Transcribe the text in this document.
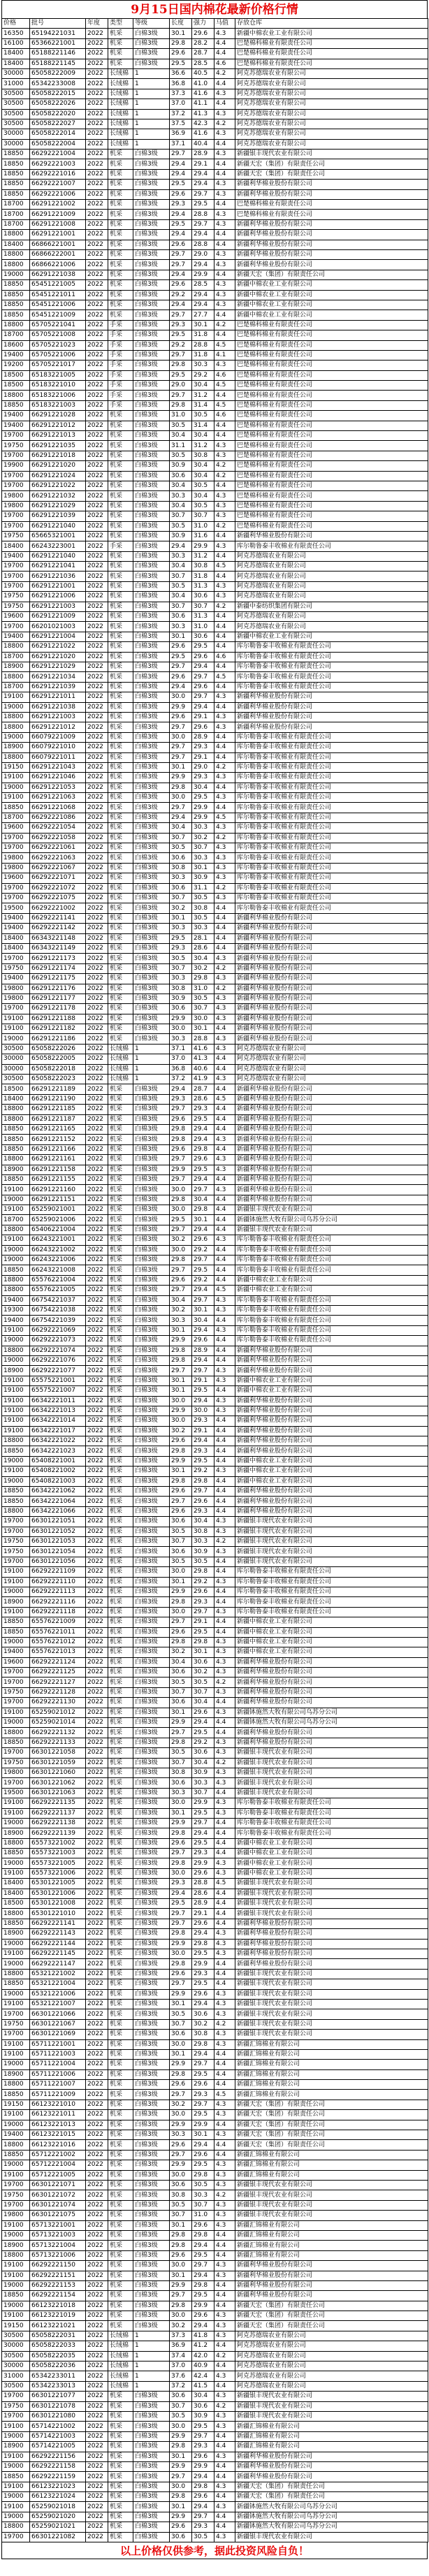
9月15日国内棉花最新价格行情
价格	批号	年度	类型	等级	长度	强力	马值	存放仓库
16350	65194221031	2022	机采	白棉3级	30.1	29.6	4.3	新疆中棉农业工业有限公司
16100	65366221001	2022	机采	白棉3级	29.8	28.2	4.4	巴楚棉科棉业有限责任公司
18400	65188221146	2022	机采	白棉3级	29.6	28.7	4.4	巴楚棉科棉业有限责任公司
18400	65188221145	2022	机采	白棉3级	29.5	28.5	4.6	巴楚棉科棉业有限责任公司
30000	65058222009	2022	长绒棉	1	36.6	40.5	4.2	阿克苏德瑞农业有限公司
31000	65342233008	2022	长绒棉	1	36.8	41.0	4.4	阿克苏德瑞农业有限公司
30500	65058222015	2022	长绒棉	1	37.3	41.6	4.3	阿克苏德瑞农业有限公司
30500	65058222026	2022	长绒棉	1	37.0	41.1	4.4	阿克苏德瑞农业有限公司
30500	65058222020	2022	长绒棉	1	37.2	41.3	4.3	阿克苏德瑞农业有限公司
30500	65058222027	2022	长绒棉	1	37.5	42.3	4.2	阿克苏德瑞农业有限公司
30000	65058222014	2022	长绒棉	1	36.9	41.6	4.3	阿克苏德瑞农业有限公司
30000	65058222004	2022	长绒棉	1	37.1	40.4	4.4	阿克苏德瑞农业有限公司
18850	66292221004	2022	机采	白棉3级	29.7	28.9	4.3	新疆银丰现代农业有限公司
18850	66292221003	2022	机采	白棉3级	29.4	29.1	4.4	新疆天宏（集团）有限责任公司
18850	66292221016	2022	机采	白棉3级	29.4	29.4	4.4	新疆天宏（集团）有限责任公司
18850	66292221007	2022	机采	白棉3级	29.5	29.4	4.3	新疆利华棉业股份有限公司
18850	66292221006	2022	机采	白棉3级	29.6	29.7	4.3	新疆利华棉业股份有限公司
18700	66291221002	2022	机采	白棉3级	29.3	29.5	4.4	巴楚棉科棉业有限责任公司
18700	66291221009	2022	机采	白棉3级	29.4	28.8	4.3	巴楚棉科棉业有限责任公司
18700	66291221008	2022	机采	白棉3级	29.5	29.7	4.3	新疆利华棉业股份有限公司
18800	66291221001	2022	机采	白棉3级	29.4	29.4	4.4	新疆利华棉业股份有限公司
18400	66866221001	2022	机采	白棉3级	29.6	28.8	4.4	新疆利华棉业股份有限公司
18800	66866222001	2022	机采	白棉3级	29.7	29.0	4.3	新疆利华棉业股份有限公司
18800	66866221006	2022	机采	白棉3级	29.7	29.4	4.3	新疆利华棉业股份有限公司
19000	66291221038	2022	机采	白棉3级	29.4	29.9	4.4	新疆天宏（集团）有限责任公司
18850	65451221005	2022	机采	白棉3级	29.6	28.5	4.3	新疆中棉农业工业有限公司
18850	65451221011	2022	机采	白棉3级	29.2	29.4	4.3	新疆中棉农业工业有限公司
18850	65451221006	2022	机采	白棉3级	29.4	29.4	4.3	新疆中棉农业工业有限公司
18850	65451221009	2022	机采	白棉3级	29.7	27.7	4.4	新疆中棉农业工业有限公司
18800	65705221041	2022	手采	白棉3级	29.3	30.1	4.2	巴楚棉科棉业有限责任公司
18700	65705221008	2022	手采	白棉3级	29.5	31.8	4.4	巴楚棉科棉业有限责任公司
18600	65705221023	2022	手采	白棉3级	29.2	28.8	4.5	巴楚棉科棉业有限责任公司
19400	65705221006	2022	手采	白棉3级	29.7	31.8	4.1	巴楚棉科棉业有限责任公司
19200	65705221017	2022	手采	白棉3级	29.8	30.3	4.3	巴楚棉科棉业有限责任公司
18500	65183221005	2022	手采	白棉3级	29.5	29.2	4.6	巴楚棉科棉业有限责任公司
18500	65183221010	2022	手采	白棉3级	29.0	30.4	4.5	巴楚棉科棉业有限责任公司
18800	65183221006	2022	手采	白棉3级	29.7	31.2	4.4	巴楚棉科棉业有限责任公司
18850	65183221003	2022	手采	白棉3级	29.8	31.4	4.5	巴楚棉科棉业有限责任公司
19400	66291221028	2022	机采	白棉3级	31.0	30.5	4.6	巴楚棉科棉业有限责任公司
19400	66291221012	2022	机采	白棉3级	30.5	31.4	4.4	巴楚棉科棉业有限责任公司
19700	66291221013	2022	机采	白棉3级	30.4	30.4	4.4	巴楚棉科棉业有限责任公司
19750	66291221035	2022	机采	白棉3级	31.1	31.2	4.3	巴楚棉科棉业有限责任公司
19700	66291221018	2022	机采	白棉3级	30.5	30.8	4.3	巴楚棉科棉业有限责任公司
19900	66291221020	2022	机采	白棉3级	30.9	30.4	4.2	巴楚棉科棉业有限责任公司
19700	66291221024	2022	机采	白棉3级	30.6	30.4	4.2	巴楚棉科棉业有限责任公司
19700	66291221022	2022	机采	白棉3级	30.4	30.5	4.4	巴楚棉科棉业有限责任公司
19800	66291221032	2022	机采	白棉3级	30.3	30.4	4.3	巴楚棉科棉业有限责任公司
19800	66291221029	2022	机采	白棉3级	30.4	30.5	4.3	巴楚棉科棉业有限责任公司
19700	66291221039	2022	机采	白棉3级	30.7	30.7	4.3	巴楚棉科棉业有限责任公司
19700	66291221040	2022	机采	白棉3级	30.5	31.0	4.2	巴楚棉科棉业有限责任公司
19750	65665321001	2022	机采	白棉3级	30.9	31.6	4.4	新疆利华棉业股份有限公司
18400	66243223001	2022	手采	白棉3级	29.4	29.9	4.3	库尔勒鲁泰丰收棉业有限责任公司
19400	66291221040	2022	机采	白棉3级	30.3	31.2	4.4	阿克苏德瑞农业有限公司
19700	66291221041	2022	机采	白棉3级	30.4	30.8	4.5	阿克苏德瑞农业有限公司
19700	66291221036	2022	机采	白棉3级	30.7	31.8	4.4	阿克苏德瑞农业有限公司
19700	66291221001	2022	机采	白棉3级	30.5	31.3	4.3	阿克苏德瑞农业有限公司
19750	66291221006	2022	机采	白棉3级	30.4	30.6	4.3	阿克苏德瑞农业有限公司
19750	66291221003	2022	机采	白棉3级	30.7	30.7	4.2	新疆中泰纺织集团有限公司
19600	66291221009	2022	机采	白棉3级	30.6	31.3	4.4	阿克苏德瑞农业有限公司
19700	66201021003	2022	机采	白棉3级	30.3	31.0	4.4	阿克苏德瑞农业有限公司
19400	66291221004	2022	机采	白棉3级	30.1	30.6	4.4	新疆中棉农业工业有限公司
18800	66291221022	2022	机采	白棉3级	29.6	29.5	4.4	库尔勒鲁泰丰收棉业有限责任公司
18700	66291221020	2022	机采	白棉3级	29.5	29.6	4.6	库尔勒鲁泰丰收棉业有限责任公司
18900	66291221029	2022	机采	白棉3级	29.7	29.4	4.4	库尔勒鲁泰丰收棉业有限责任公司
18800	66291221034	2022	机采	白棉3级	29.6	29.7	4.5	库尔勒鲁泰丰收棉业有限责任公司
18700	66291221039	2022	机采	白棉3级	29.4	29.6	4.4	库尔勒鲁泰丰收棉业有限责任公司
19100	66291221011	2022	机采	白棉3级	30.0	29.7	4.3	新疆利华棉业股份有限公司
19000	66291221038	2022	机采	白棉3级	29.9	29.4	4.4	新疆利华棉业股份有限公司
18800	66291221003	2022	机采	白棉3级	29.6	29.1	4.3	新疆利华棉业股份有限公司
18800	66291221012	2022	机采	白棉3级	29.7	29.6	4.3	新疆利华棉业股份有限公司
19000	66079221009	2022	机采	白棉3级	30.0	28.9	4.4	库尔勒鲁泰丰收棉业有限责任公司
18900	66079221010	2022	机采	白棉3级	29.7	29.3	4.4	库尔勒鲁泰丰收棉业有限责任公司
18800	66079221011	2022	机采	白棉3级	29.7	29.1	4.4	库尔勒鲁泰丰收棉业有限责任公司
19150	66291221043	2022	机采	白棉3级	30.1	29.0	4.2	库尔勒鲁泰丰收棉业有限责任公司
19100	66291221046	2022	机采	白棉3级	29.9	29.3	4.3	库尔勒鲁泰丰收棉业有限责任公司
19000	66291221053	2022	机采	白棉3级	29.8	30.4	4.4	库尔勒鲁泰丰收棉业有限责任公司
19100	66291221063	2022	机采	白棉3级	30.0	29.5	4.3	库尔勒鲁泰丰收棉业有限责任公司
18850	66291221068	2022	机采	白棉3级	29.7	29.9	4.4	库尔勒鲁泰丰收棉业有限责任公司
18700	66292221086	2022	机采	白棉3级	29.4	29.9	4.5	库尔勒鲁泰丰收棉业有限责任公司
19600	66292221054	2022	机采	白棉3级	30.4	30.3	4.3	库尔勒鲁泰丰收棉业有限责任公司
19700	66292221058	2022	机采	白棉3级	30.7	30.2	4.2	库尔勒鲁泰丰收棉业有限责任公司
19700	66292221061	2022	机采	白棉3级	30.5	30.7	4.3	库尔勒鲁泰丰收棉业有限责任公司
19800	66292221063	2022	机采	白棉3级	30.6	30.3	4.3	库尔勒鲁泰丰收棉业有限责任公司
19800	66292221067	2022	机采	白棉3级	30.8	30.1	4.3	库尔勒鲁泰丰收棉业有限责任公司
19600	66292221071	2022	机采	白棉3级	30.3	30.9	4.3	库尔勒鲁泰丰收棉业有限责任公司
19700	66292221072	2022	机采	白棉3级	30.6	31.1	4.2	库尔勒鲁泰丰收棉业有限责任公司
19700	66292221075	2022	机采	白棉3级	30.7	30.5	4.3	库尔勒鲁泰丰收棉业有限责任公司
19500	66292221002	2022	机采	白棉3级	30.2	30.8	4.4	库尔勒鲁泰丰收棉业有限责任公司
19400	66292221141	2022	机采	白棉3级	30.1	30.5	4.4	新疆利华棉业股份有限公司
19400	66292221142	2022	机采	白棉3级	30.3	30.3	4.4	新疆利华棉业股份有限公司
18400	66343221148	2022	机采	白棉3级	29.5	28.1	4.4	新疆利华棉业股份有限公司
18400	66343221149	2022	机采	白棉3级	29.3	28.6	4.4	新疆利华棉业股份有限公司
19700	66291221173	2022	机采	白棉3级	30.5	30.4	4.3	新疆利华棉业股份有限公司
19750	66291221174	2022	机采	白棉3级	30.7	30.2	4.2	新疆利华棉业股份有限公司
19400	66291221175	2022	机采	白棉3级	30.3	29.8	4.3	新疆利华棉业股份有限公司
19800	66291221176	2022	机采	白棉3级	30.8	31.0	4.2	新疆利华棉业股份有限公司
19800	66291221177	2022	机采	白棉3级	30.9	30.5	4.3	新疆利华棉业股份有限公司
19700	66291221178	2022	机采	白棉3级	30.6	30.7	4.3	新疆利华棉业股份有限公司
19100	66291221188	2022	机采	白棉3级	29.9	30.0	4.3	新疆利华棉业股份有限公司
19100	66291221182	2022	机采	白棉3级	30.0	30.1	4.4	新疆利华棉业股份有限公司
19000	66291221186	2022	机采	白棉3级	30.3	28.8	4.3	新疆利华棉业股份有限公司
30500	65058222026	2022	长绒棉	1	37.1	41.6	4.3	阿克苏德瑞农业有限公司
30000	65058222005	2022	长绒棉	1	37.0	41.3	4.4	阿克苏德瑞农业有限公司
30000	65058222018	2022	长绒棉	1	36.8	40.6	4.4	阿克苏德瑞农业有限公司
30500	65058222023	2022	长绒棉	1	37.2	41.9	4.3	阿克苏德瑞农业有限公司
18500	66291221189	2022	机采	白棉3级	29.4	28.7	4.4	新疆利华棉业股份有限公司
18400	66291221190	2022	机采	白棉3级	29.3	28.6	4.5	新疆利华棉业股份有限公司
18800	66291221185	2022	机采	白棉3级	29.7	29.3	4.4	新疆利华棉业股份有限公司
18800	66291221187	2022	机采	白棉3级	29.6	29.5	4.4	新疆利华棉业股份有限公司
18850	66291221165	2022	机采	白棉3级	29.8	29.4	4.4	新疆利华棉业股份有限公司
18850	66291221152	2022	机采	白棉3级	29.8	29.4	4.3	新疆利华棉业股份有限公司
18850	66291221166	2022	机采	白棉3级	29.6	29.8	4.4	新疆利华棉业股份有限公司
18800	66291221161	2022	机采	白棉3级	29.7	29.6	4.3	新疆利华棉业股份有限公司
18900	66291221158	2022	机采	白棉3级	29.9	29.5	4.3	新疆利华棉业股份有限公司
18850	66291221155	2022	机采	白棉3级	29.7	29.4	4.4	新疆利华棉业股份有限公司
19100	66291221160	2022	机采	白棉3级	30.0	29.7	4.3	新疆利华棉业股份有限公司
19000	66291221151	2022	机采	白棉3级	29.8	30.4	4.4	新疆利华棉业股份有限公司
19100	65259021001	2022	机采	白棉3级	30.0	29.8	4.4	新疆银丰现代农业有限公司
18700	65259021006	2022	机采	白棉3级	29.5	30.1	4.4	新疆钵施然大牧有限公司乌苏分公司
18800	65406221004	2022	机采	白棉3级	29.7	29.4	4.4	新疆银丰现代农业有限公司
19100	66243221001	2022	机采	白棉3级	30.2	29.6	4.3	库尔勒鲁泰丰收棉业有限责任公司
19000	66243221002	2022	机采	白棉3级	30.0	29.2	4.4	库尔勒鲁泰丰收棉业有限责任公司
19000	66243221006	2022	机采	白棉3级	29.8	29.7	4.4	库尔勒鲁泰丰收棉业有限责任公司
18850	66243221008	2022	机采	白棉3级	29.7	29.5	4.4	库尔勒鲁泰丰收棉业有限责任公司
18800	65576221004	2022	机采	白棉3级	29.6	29.2	4.4	新疆中棉农业工业有限公司
18800	65576221005	2022	机采	白棉3级	29.7	29.4	4.5	新疆中棉农业工业有限公司
19400	66754221037	2022	机采	白棉3级	30.4	29.7	4.3	库尔勒鲁泰丰收棉业有限责任公司
19300	66754221038	2022	机采	白棉3级	30.2	30.1	4.3	库尔勒鲁泰丰收棉业有限责任公司
19400	66754221039	2022	机采	白棉3级	30.3	30.4	4.4	库尔勒鲁泰丰收棉业有限责任公司
19100	66292221069	2022	机采	白棉3级	30.1	29.4	4.3	库尔勒鲁泰丰收棉业有限责任公司
19000	66292221073	2022	机采	白棉3级	29.9	29.6	4.4	库尔勒鲁泰丰收棉业有限责任公司
18800	66292221074	2022	机采	白棉3级	29.8	28.9	4.4	新疆利华棉业股份有限公司
19000	66292221076	2022	机采	白棉3级	29.8	29.4	4.4	新疆利华棉业股份有限公司
18900	66292221077	2022	机采	白棉3级	29.7	29.7	4.3	新疆利华棉业股份有限公司
19100	65575221001	2022	机采	白棉3级	30.1	29.1	4.3	新疆中棉农业工业有限公司
19100	65575221007	2022	机采	白棉3级	30.1	29.5	4.4	新疆中棉农业工业有限公司
19100	66342221011	2022	机采	白棉3级	30.0	29.4	4.3	新疆利华棉业股份有限公司
19100	66342221013	2022	机采	白棉3级	29.9	30.0	4.3	新疆利华棉业股份有限公司
19100	66342221014	2022	机采	白棉3级	30.0	29.3	4.4	新疆利华棉业股份有限公司
19100	66342221017	2022	机采	白棉3级	30.2	29.1	4.4	新疆利华棉业股份有限公司
18800	66342221022	2022	机采	白棉3级	29.6	29.4	4.4	新疆利华棉业股份有限公司
18850	66342221023	2022	机采	白棉3级	29.8	29.3	4.4	新疆利华棉业股份有限公司
19000	65408221001	2022	机采	白棉3级	29.9	29.5	4.4	新疆中棉农业工业有限公司
19100	65408221002	2022	机采	白棉3级	30.1	29.2	4.3	新疆中棉农业工业有限公司
19000	65408221003	2022	机采	白棉3级	29.8	29.8	4.4	新疆中棉农业工业有限公司
18850	66342221062	2022	机采	白棉3级	29.6	29.7	4.4	新疆利华棉业股份有限公司
18850	66342221064	2022	机采	白棉3级	29.7	29.6	4.4	新疆利华棉业股份有限公司
18800	66342221066	2022	机采	白棉3级	29.6	29.3	4.4	新疆利华棉业股份有限公司
19700	66301221051	2022	机采	白棉3级	30.6	30.4	4.3	新疆银丰现代农业有限公司
19700	66301221052	2022	机采	白棉3级	30.5	30.8	4.3	新疆银丰现代农业有限公司
19750	66301221053	2022	机采	白棉3级	30.7	30.3	4.2	新疆银丰现代农业有限公司
19750	66301221054	2022	机采	白棉3级	30.6	30.9	4.3	新疆银丰现代农业有限公司
19700	66301221056	2022	机采	白棉3级	30.5	30.5	4.4	新疆银丰现代农业有限公司
19100	66292221109	2022	机采	白棉3级	30.0	29.8	4.4	库尔勒鲁泰丰收棉业有限责任公司
19100	66292221110	2022	机采	白棉3级	30.1	29.2	4.3	库尔勒鲁泰丰收棉业有限责任公司
19000	66292221113	2022	机采	白棉3级	29.9	29.6	4.4	库尔勒鲁泰丰收棉业有限责任公司
18900	66292221116	2022	机采	白棉3级	29.8	29.3	4.4	库尔勒鲁泰丰收棉业有限责任公司
19100	66292221118	2022	机采	白棉3级	30.0	29.7	4.3	库尔勒鲁泰丰收棉业有限责任公司
18850	65576221009	2022	机采	白棉3级	29.7	29.1	4.4	新疆中棉农业工业有限公司
18850	65576221011	2022	机采	白棉3级	29.6	29.5	4.4	新疆中棉农业工业有限公司
19000	65576221012	2022	机采	白棉3级	29.8	29.8	4.3	新疆中棉农业工业有限公司
19400	65576221013	2022	机采	白棉3级	30.2	30.1	4.3	新疆中棉农业工业有限公司
19600	66292221124	2022	机采	白棉3级	30.4	30.6	4.3	新疆利华棉业股份有限公司
19700	66292221125	2022	机采	白棉3级	30.6	30.2	4.3	新疆利华棉业股份有限公司
19700	66292221127	2022	机采	白棉3级	30.5	30.5	4.2	新疆利华棉业股份有限公司
19750	66292221128	2022	机采	白棉3级	30.7	30.7	4.3	新疆利华棉业股份有限公司
19700	66292221130	2022	机采	白棉3级	30.6	30.4	4.4	新疆利华棉业股份有限公司
19100	65259021012	2022	机采	白棉3级	30.1	29.6	4.3	新疆钵施然大牧有限公司乌苏分公司
19000	65259021014	2022	机采	白棉3级	29.9	29.4	4.4	新疆钵施然大牧有限公司乌苏分公司
18800	66292221132	2022	机采	白棉3级	29.7	29.5	4.4	新疆利华棉业股份有限公司
18850	66292221133	2022	机采	白棉3级	29.8	29.2	4.3	新疆利华棉业股份有限公司
19700	66301221058	2022	机采	白棉3级	30.5	30.6	4.3	新疆银丰现代农业有限公司
19750	66301221059	2022	机采	白棉3级	30.7	30.4	4.2	新疆银丰现代农业有限公司
19800	66301221060	2022	机采	白棉3级	30.8	30.9	4.3	新疆银丰现代农业有限公司
19700	66301221062	2022	机采	白棉3级	30.6	30.3	4.3	新疆银丰现代农业有限公司
19500	66301221063	2022	机采	白棉3级	30.3	30.7	4.4	新疆银丰现代农业有限公司
19100	66292221135	2022	机采	白棉3级	30.0	29.9	4.3	库尔勒鲁泰丰收棉业有限责任公司
19100	66292221137	2022	机采	白棉3级	30.1	29.5	4.3	库尔勒鲁泰丰收棉业有限责任公司
19000	66292221138	2022	机采	白棉3级	29.9	29.7	4.4	库尔勒鲁泰丰收棉业有限责任公司
18900	66292221139	2022	机采	白棉3级	29.8	29.4	4.4	库尔勒鲁泰丰收棉业有限责任公司
18800	65573221002	2022	机采	白棉3级	29.6	29.5	4.4	新疆中棉农业工业有限公司
18850	65573221003	2022	机采	白棉3级	29.7	29.3	4.4	新疆中棉农业工业有限公司
19000	65573221005	2022	机采	白棉3级	29.8	29.9	4.3	新疆中棉农业工业有限公司
19100	65573221006	2022	机采	白棉3级	30.0	29.6	4.3	新疆中棉农业工业有限公司
18400	65301221005	2022	机采	白棉3级	29.3	28.8	4.5	新疆银丰现代农业有限公司
18400	65301221006	2022	机采	白棉3级	29.4	28.6	4.4	新疆银丰现代农业有限公司
18500	65301221008	2022	机采	白棉3级	29.5	28.9	4.4	新疆银丰现代农业有限公司
18800	65301221010	2022	机采	白棉3级	29.7	29.1	4.4	新疆银丰现代农业有限公司
18850	66292221141	2022	机采	白棉3级	29.7	29.6	4.4	新疆利华棉业股份有限公司
18900	66292221143	2022	机采	白棉3级	29.8	29.4	4.3	新疆利华棉业股份有限公司
19000	66292221144	2022	机采	白棉3级	29.9	29.8	4.3	新疆利华棉业股份有限公司
19100	66292221145	2022	机采	白棉3级	30.0	29.5	4.3	新疆利华棉业股份有限公司
19000	66292221147	2022	机采	白棉3级	29.8	29.9	4.4	新疆利华棉业股份有限公司
18800	65321221002	2022	机采	白棉3级	29.6	29.3	4.4	新疆银丰现代农业有限公司
18850	65321221004	2022	机采	白棉3级	29.7	29.5	4.4	新疆银丰现代农业有限公司
19000	65321221006	2022	机采	白棉3级	29.9	29.6	4.3	新疆银丰现代农业有限公司
19100	65321221007	2022	机采	白棉3级	30.1	29.4	4.3	新疆银丰现代农业有限公司
19700	66301221066	2022	机采	白棉3级	30.5	30.6	4.3	新疆银丰现代农业有限公司
19750	66301221067	2022	机采	白棉3级	30.7	30.2	4.2	新疆银丰现代农业有限公司
19700	66301221069	2022	机采	白棉3级	30.6	30.8	4.3	新疆银丰现代农业有限公司
19100	65711221001	2022	机采	白棉3级	30.0	29.8	4.3	新疆汇锦棉业有限公司
19100	65711221003	2022	机采	白棉3级	30.1	29.4	4.4	新疆汇锦棉业有限公司
19000	65711221004	2022	机采	白棉3级	29.9	29.7	4.4	新疆汇锦棉业有限公司
18900	65711221006	2022	机采	白棉3级	29.8	29.5	4.4	新疆汇锦棉业有限公司
18800	65711221007	2022	机采	白棉3级	29.6	29.6	4.4	新疆汇锦棉业有限公司
18850	65711221009	2022	机采	白棉3级	29.7	29.3	4.5	新疆汇锦棉业有限公司
19150	66123221010	2022	机采	白棉3级	30.2	29.7	4.3	新疆天宏（集团）有限责任公司
19100	66123221011	2022	机采	白棉3级	30.0	29.5	4.3	新疆天宏（集团）有限责任公司
19000	66123221013	2022	机采	白棉3级	29.9	29.9	4.4	新疆天宏（集团）有限责任公司
19400	66123221015	2022	机采	白棉3级	30.3	30.1	4.3	新疆天宏（集团）有限责任公司
18800	66123221016	2022	机采	白棉3级	29.6	29.4	4.4	新疆天宏（集团）有限责任公司
18850	65712221002	2022	机采	白棉3级	29.7	29.6	4.4	新疆汇锦棉业有限公司
19000	65712221004	2022	机采	白棉3级	29.9	29.5	4.3	新疆汇锦棉业有限公司
19100	65712221005	2022	机采	白棉3级	30.0	29.8	4.3	新疆汇锦棉业有限公司
19700	66301221071	2022	机采	白棉3级	30.6	30.5	4.3	新疆银丰现代农业有限公司
19750	66301221072	2022	机采	白棉3级	30.8	30.3	4.2	新疆银丰现代农业有限公司
19700	66301221074	2022	机采	白棉3级	30.5	30.7	4.3	新疆银丰现代农业有限公司
19800	66301221075	2022	机采	白棉3级	30.7	31.0	4.3	新疆银丰现代农业有限公司
19100	65713221001	2022	机采	白棉3级	30.1	29.6	4.3	新疆汇锦棉业有限公司
19000	65713221003	2022	机采	白棉3级	29.8	29.8	4.4	新疆汇锦棉业有限公司
18900	65713221004	2022	机采	白棉3级	29.8	29.4	4.4	新疆汇锦棉业有限公司
18800	65713221006	2022	机采	白棉3级	29.6	29.5	4.4	新疆汇锦棉业有限公司
19100	66292221150	2022	机采	白棉3级	30.0	29.7	4.3	新疆利华棉业股份有限公司
19100	66292221151	2022	机采	白棉3级	30.1	29.4	4.3	新疆利华棉业股份有限公司
19000	66292221153	2022	机采	白棉3级	29.9	29.8	4.4	新疆利华棉业股份有限公司
18850	66292221154	2022	机采	白棉3级	29.7	29.5	4.4	新疆利华棉业股份有限公司
19000	66123221018	2022	机采	白棉3级	29.8	29.9	4.4	新疆天宏（集团）有限责任公司
19100	66123221019	2022	机采	白棉3级	30.0	29.6	4.3	新疆天宏（集团）有限责任公司
19150	66123221021	2022	机采	白棉3级	30.2	29.4	4.3	新疆天宏（集团）有限责任公司
30500	65058222031	2022	长绒棉	1	37.3	41.8	4.3	阿克苏德瑞农业有限公司
30000	65058222033	2022	长绒棉	1	36.9	41.2	4.4	阿克苏德瑞农业有限公司
30500	65058222035	2022	长绒棉	1	37.4	42.0	4.2	阿克苏德瑞农业有限公司
30000	65058222036	2022	长绒棉	1	37.0	40.9	4.4	阿克苏德瑞农业有限公司
31000	65342233011	2022	长绒棉	1	37.6	42.4	4.3	阿克苏德瑞农业有限公司
30500	65342233013	2022	长绒棉	1	37.2	41.5	4.4	阿克苏德瑞农业有限公司
19700	66301221077	2022	机采	白棉3级	30.6	30.4	4.3	新疆银丰现代农业有限公司
19750	66301221078	2022	机采	白棉3级	30.7	30.6	4.2	新疆银丰现代农业有限公司
19700	66301221080	2022	机采	白棉3级	30.5	30.9	4.3	新疆银丰现代农业有限公司
19100	65714221002	2022	机采	白棉3级	30.0	29.5	4.3	新疆汇锦棉业有限公司
19000	65714221003	2022	机采	白棉3级	29.9	29.7	4.4	新疆汇锦棉业有限公司
18900	65714221005	2022	机采	白棉3级	29.8	29.3	4.4	新疆汇锦棉业有限公司
19100	66292221156	2022	机采	白棉3级	30.1	29.6	4.3	新疆利华棉业股份有限公司
19000	66292221158	2022	机采	白棉3级	29.9	29.9	4.4	新疆利华棉业股份有限公司
18850	66292221159	2022	机采	白棉3级	29.7	29.4	4.4	新疆利华棉业股份有限公司
19100	66123221023	2022	机采	白棉3级	30.0	29.8	4.3	新疆天宏（集团）有限责任公司
19000	66123221024	2022	机采	白棉3级	29.8	29.6	4.4	新疆天宏（集团）有限责任公司
19100	65259021018	2022	机采	白棉3级	30.1	29.4	4.3	新疆钵施然大牧有限公司乌苏分公司
19000	65259021020	2022	机采	白棉3级	29.9	29.7	4.4	新疆钵施然大牧有限公司乌苏分公司
18800	65259021021	2022	机采	白棉3级	29.6	29.3	4.4	新疆钵施然大牧有限公司乌苏分公司
19700	66301221082	2022	机采	白棉3级	30.6	30.5	4.3	新疆银丰现代农业有限公司
以上价格仅供参考，据此投资风险自负！
